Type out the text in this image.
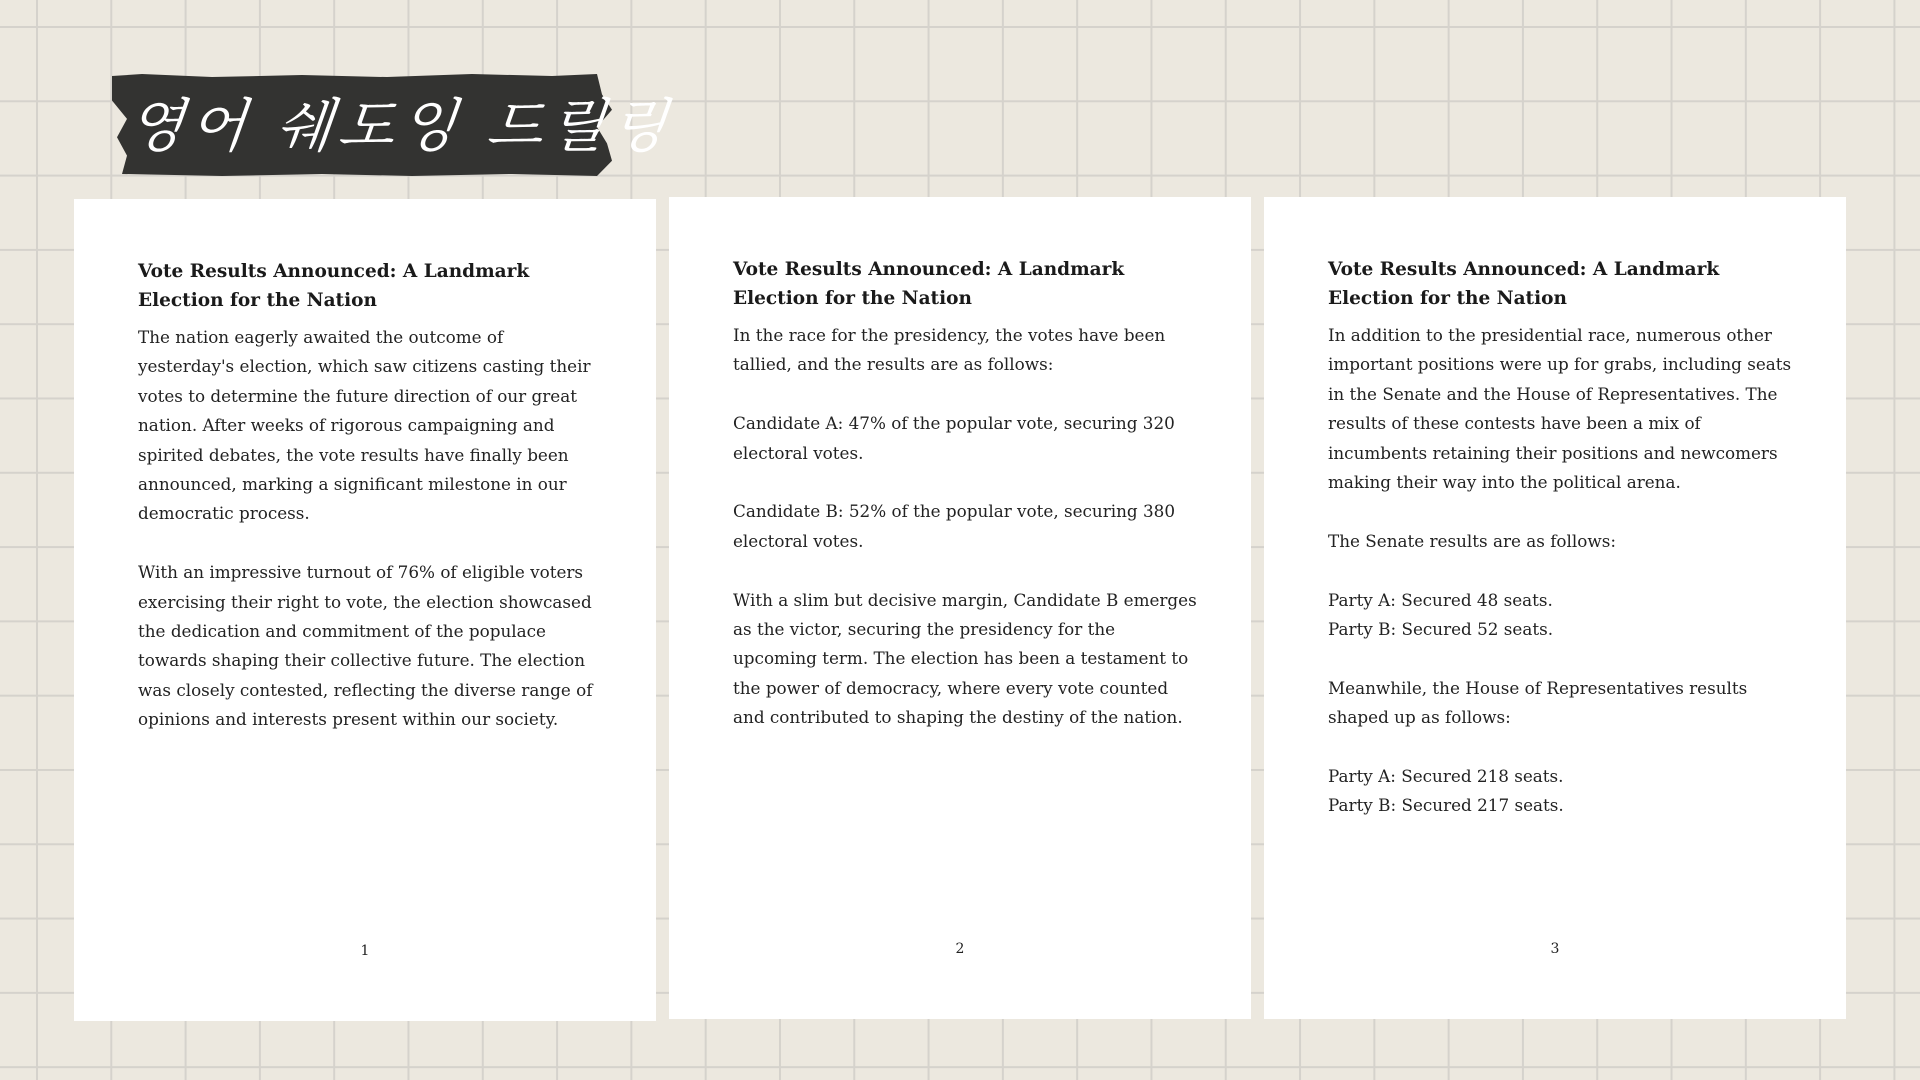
영어 쉐도잉 드릴링
Vote Results Announced: A Landmark Election for the Nation

The nation eagerly awaited the outcome of yesterday's election, which saw citizens casting their votes to determine the future direction of our great nation. After weeks of rigorous campaigning and spirited debates, the vote results have finally been announced, marking a significant milestone in our democratic process.

With an impressive turnout of 76% of eligible voters exercising their right to vote, the election showcased the dedication and commitment of the populace towards shaping their collective future. The election was closely contested, reflecting the diverse range of opinions and interests present within our society.

1
Vote Results Announced: A Landmark Election for the Nation

In the race for the presidency, the votes have been tallied, and the results are as follows:

Candidate A: 47% of the popular vote, securing 320 electoral votes.

Candidate B: 52% of the popular vote, securing 380 electoral votes.

With a slim but decisive margin, Candidate B emerges as the victor, securing the presidency for the upcoming term. The election has been a testament to the power of democracy, where every vote counted and contributed to shaping the destiny of the nation.

2
Vote Results Announced: A Landmark Election for the Nation

In addition to the presidential race, numerous other important positions were up for grabs, including seats in the Senate and the House of Representatives. The results of these contests have been a mix of incumbents retaining their positions and newcomers making their way into the political arena.

The Senate results are as follows:

Party A: Secured 48 seats.

Party B: Secured 52 seats.

Meanwhile, the House of Representatives results shaped up as follows:

Party A: Secured 218 seats.

Party B: Secured 217 seats.

3
